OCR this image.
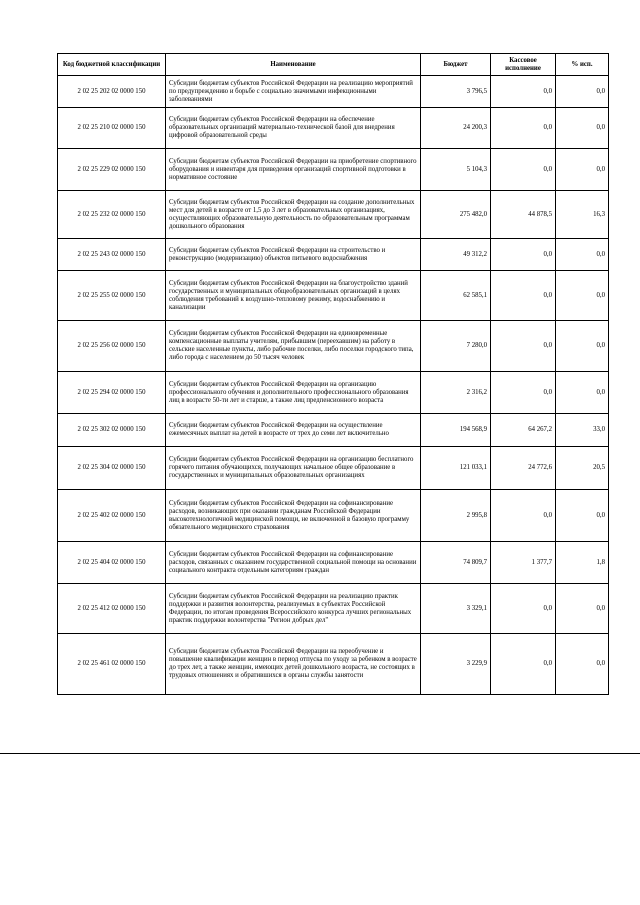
Код бюджетной классификации	Наименование	Бюджет	Кассовое исполнение	% исп.
2 02 25 202 02 0000 150	Субсидии бюджетам субъектов Российской Федерации на реализацию мероприятий по предупреждению и борьбе с социально значимыми инфекционными заболеваниями	3 796,5	0,0	0,0
2 02 25 210 02 0000 150	Субсидии бюджетам субъектов Российской Федерации на обеспечение образовательных организаций материально-технической базой для внедрения цифровой образовательной среды	24 200,3	0,0	0,0
2 02 25 229 02 0000 150	Субсидии бюджетам субъектов Российской Федерации на приобретение спортивного оборудования и инвентаря для приведения организаций спортивной подготовки в нормативное состояние	5 104,3	0,0	0,0
2 02 25 232 02 0000 150	Субсидии бюджетам субъектов Российской Федерации на создание дополнительных мест для детей в возрасте от 1,5 до 3 лет в образовательных организациях, осуществляющих образовательную деятельность по образовательным программам дошкольного образования	275 482,0	44 878,5	16,3
2 02 25 243 02 0000 150	Субсидии бюджетам субъектов Российской Федерации на строительство и реконструкцию (модернизацию) объектов питьевого водоснабжения	49 312,2	0,0	0,0
2 02 25 255 02 0000 150	Субсидии бюджетам субъектов Российской Федерации на благоустройство зданий государственных и муниципальных общеобразовательных организаций в целях соблюдения требований к воздушно-тепловому режиму, водоснабжению и канализации	62 585,1	0,0	0,0
2 02 25 256 02 0000 150	Субсидии бюджетам субъектов Российской Федерации на единовременные компенсационные выплаты учителям, прибывшим (переехавшим) на работу в сельские населенные пункты, либо рабочие поселки, либо поселки городского типа, либо города с населением до 50 тысяч человек	7 280,0	0,0	0,0
2 02 25 294 02 0000 150	Субсидии бюджетам субъектов Российской Федерации на организацию профессионального обучения и дополнительного профессионального образования лиц в возрасте 50-ти лет и старше, а также лиц предпенсионного возраста	2 316,2	0,0	0,0
2 02 25 302 02 0000 150	Субсидии бюджетам субъектов Российской Федерации на осуществление ежемесячных выплат на детей в возрасте от трех до семи лет включительно	194 568,9	64 267,2	33,0
2 02 25 304 02 0000 150	Субсидии бюджетам субъектов Российской Федерации на организацию бесплатного горячего питания обучающихся, получающих начальное общее образование в государственных и муниципальных образовательных организациях	121 033,1	24 772,6	20,5
2 02 25 402 02 0000 150	Субсидии бюджетам субъектов Российской Федерации на софинансирование расходов, возникающих при оказании гражданам Российской Федерации высокотехнологичной медицинской помощи, не включенной в базовую программу обязательного медицинского страхования	2 995,8	0,0	0,0
2 02 25 404 02 0000 150	Субсидии бюджетам субъектов Российской Федерации на софинансирование расходов, связанных с оказанием государственной социальной помощи на основании социального контракта отдельным категориям граждан	74 809,7	1 377,7	1,8
2 02 25 412 02 0000 150	Субсидии бюджетам субъектов Российской Федерации на реализацию практик поддержки и развития волонтерства, реализуемых в субъектах Российской Федерации, по итогам проведения Всероссийского конкурса лучших региональных практик поддержки волонтерства "Регион добрых дел"	3 329,1	0,0	0,0
2 02 25 461 02 0000 150	Субсидии бюджетам субъектов Российской Федерации на переобучение и повышение квалификации женщин в период отпуска по уходу за ребенком в возрасте до трех лет, а также женщин, имеющих детей дошкольного возраста, не состоящих в трудовых отношениях и обратившихся в органы службы занятости	3 229,9	0,0	0,0
